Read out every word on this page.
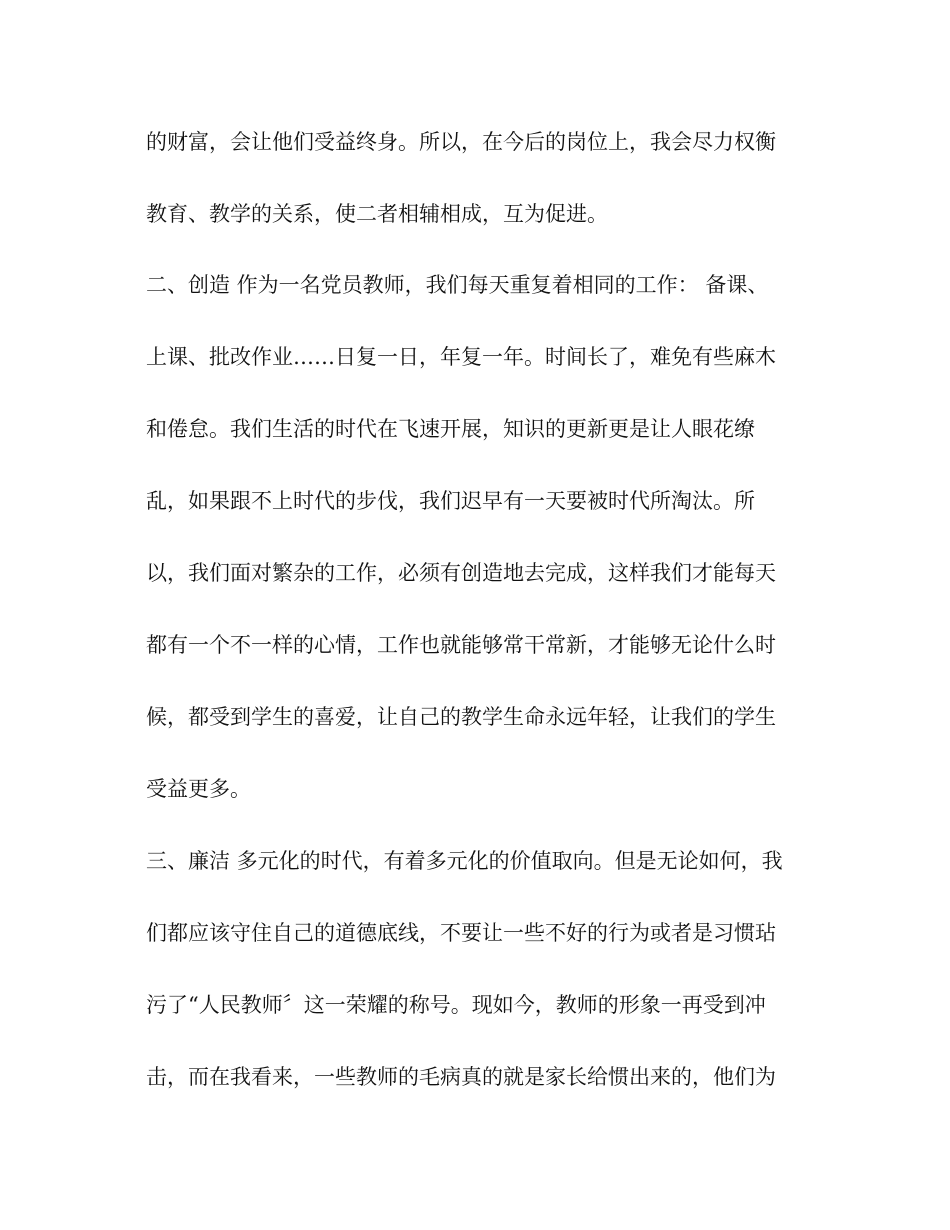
的财富，会让他们受益终身。所以，在今后的岗位上，我会尽力权衡
教育、教学的关系，使二者相辅相成，互为促进。
二、创造 作为一名党员教师，我们每天重复着相同的工作： 备课、
上课、批改作业……日复一日，年复一年。时间长了，难免有些麻木
和倦怠。我们生活的时代在飞速开展，知识的更新更是让人眼花缭
乱，如果跟不上时代的步伐，我们迟早有一天要被时代所淘汰。所
以，我们面对繁杂的工作，必须有创造地去完成，这样我们才能每天
都有一个不一样的心情，工作也就能够常干常新，才能够无论什么时
候，都受到学生的喜爱，让自己的教学生命永远年轻，让我们的学生
受益更多。
三、廉洁 多元化的时代，有着多元化的价值取向。但是无论如何，我
们都应该守住自己的道德底线，不要让一些不好的行为或者是习惯玷
污了“人民教师〞这一荣耀的称号。现如今，教师的形象一再受到冲
击，而在我看来，一些教师的毛病真的就是家长给惯出来的，他们为
